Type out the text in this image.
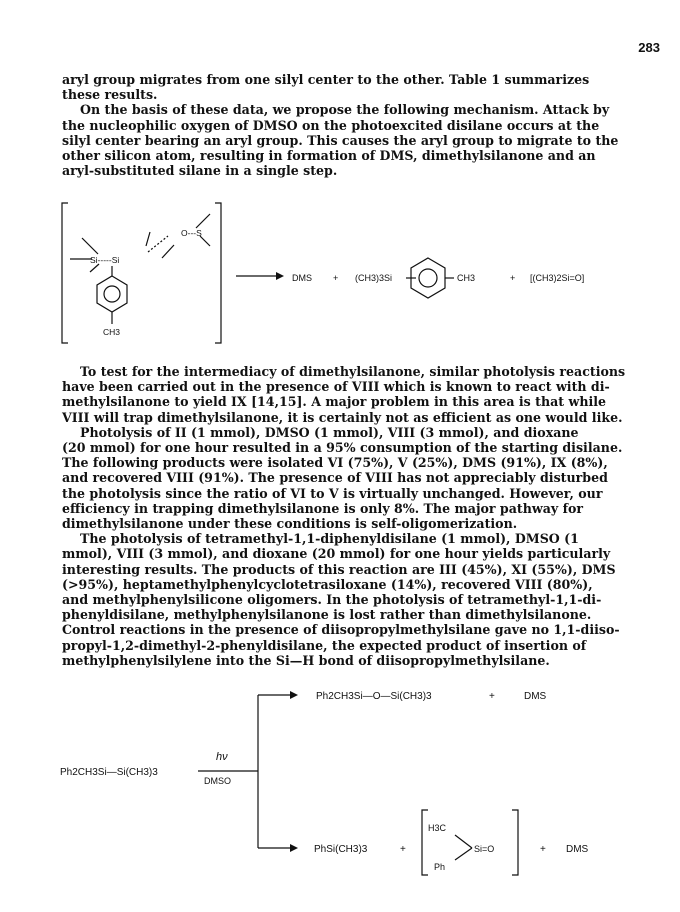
283
aryl group migrates from one silyl center to the other. Table 1 summarizes
these results.
On the basis of these data, we propose the following mechanism. Attack by
the nucleophilic oxygen of DMSO on the photoexcited disilane occurs at the
silyl center bearing an aryl group. This causes the aryl group to migrate to the
other silicon atom, resulting in formation of DMS, dimethylsilanone and an
aryl-substituted silane in a single step.
O---S
Si-----Si
CH3
DMS + (CH3)3Si	CH3	+ [(CH3)2Si=O]
Ph2CH3Si—Si(CH3)3
hν
DMSO
Ph2CH3Si—O—Si(CH3)3	+	DMS
PhSi(CH3)3	+
H3C
Si=O
Ph
+ DMS
To test for the intermediacy of dimethylsilanone, similar photolysis reactions
have been carried out in the presence of VIII which is known to react with di-
methylsilanone to yield IX [14,15]. A major problem in this area is that while
VIII will trap dimethylsilanone, it is certainly not as efficient as one would like.
Photolysis of II (1 mmol), DMSO (1 mmol), VIII (3 mmol), and dioxane
(20 mmol) for one hour resulted in a 95% consumption of the starting disilane.
The following products were isolated VI (75%), V (25%), DMS (91%), IX (8%),
and recovered VIII (91%). The presence of VIII has not appreciably disturbed
the photolysis since the ratio of VI to V is virtually unchanged. However, our
efficiency in trapping dimethylsilanone is only 8%. The major pathway for
dimethylsilanone under these conditions is self-oligomerization.
The photolysis of tetramethyl-1,1-diphenyldisilane (1 mmol), DMSO (1
mmol), VIII (3 mmol), and dioxane (20 mmol) for one hour yields particularly
interesting results. The products of this reaction are III (45%), XI (55%), DMS
(>95%), heptamethylphenylcyclotetrasiloxane (14%), recovered VIII (80%),
and methylphenylsilicone oligomers. In the photolysis of tetramethyl-1,1-di-
phenyldisilane, methylphenylsilanone is lost rather than dimethylsilanone.
Control reactions in the presence of diisopropylmethylsilane gave no 1,1-diiso-
propyl-1,2-dimethyl-2-phenyldisilane, the expected product of insertion of
methylphenylsilylene into the Si—H bond of diisopropylmethylsilane.
